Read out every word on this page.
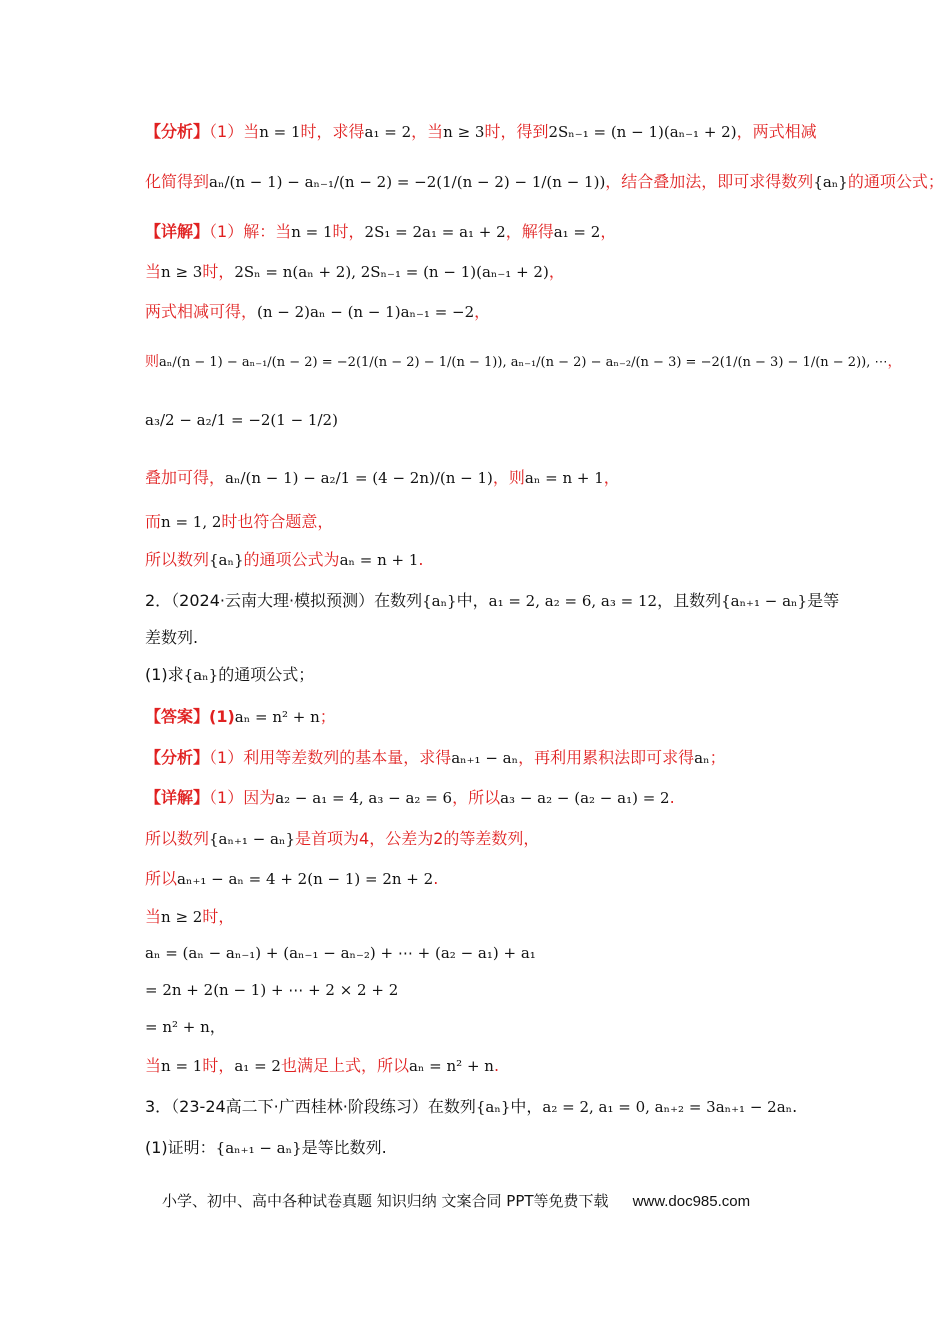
【分析】（1）当n = 1时，求得a₁ = 2，当n ≥ 3时，得到2Sₙ₋₁ = (n − 1)(aₙ₋₁ + 2)，两式相减
化简得到aₙ/(n − 1) − aₙ₋₁/(n − 2) = −2(1/(n − 2) − 1/(n − 1))，结合叠加法，即可求得数列{aₙ}的通项公式；
【详解】（1）解：当n = 1时，2S₁ = 2a₁ = a₁ + 2，解得a₁ = 2，
当n ≥ 3时，2Sₙ = n(aₙ + 2), 2Sₙ₋₁ = (n − 1)(aₙ₋₁ + 2)，
两式相减可得，(n − 2)aₙ − (n − 1)aₙ₋₁ = −2，
则aₙ/(n − 1) − aₙ₋₁/(n − 2) = −2(1/(n − 2) − 1/(n − 1)), aₙ₋₁/(n − 2) − aₙ₋₂/(n − 3) = −2(1/(n − 3) − 1/(n − 2)), ⋯，
a₃/2 − a₂/1 = −2(1 − 1/2)
叠加可得，aₙ/(n − 1) − a₂/1 = (4 − 2n)/(n − 1)，则aₙ = n + 1，
而n = 1, 2时也符合题意，
所以数列{aₙ}的通项公式为aₙ = n + 1.
2．（2024·云南大理·模拟预测）在数列{aₙ}中，a₁ = 2, a₂ = 6, a₃ = 12，且数列{aₙ₊₁ − aₙ}是等
差数列.
(1)求{aₙ}的通项公式；
【答案】(1)aₙ = n² + n；
【分析】（1）利用等差数列的基本量，求得aₙ₊₁ − aₙ，再利用累积法即可求得aₙ；
【详解】（1）因为a₂ − a₁ = 4, a₃ − a₂ = 6，所以a₃ − a₂ − (a₂ − a₁) = 2.
所以数列{aₙ₊₁ − aₙ}是首项为4，公差为2的等差数列，
所以aₙ₊₁ − aₙ = 4 + 2(n − 1) = 2n + 2.
当n ≥ 2时，
aₙ = (aₙ − aₙ₋₁) + (aₙ₋₁ − aₙ₋₂) + ⋯ + (a₂ − a₁) + a₁
= 2n + 2(n − 1) + ⋯ + 2 × 2 + 2
= n² + n，
当n = 1时，a₁ = 2也满足上式，所以aₙ = n² + n.
3．（23-24高二下·广西桂林·阶段练习）在数列{aₙ}中，a₂ = 2, a₁ = 0, aₙ₊₂ = 3aₙ₊₁ − 2aₙ.
(1)证明：{aₙ₊₁ − aₙ}是等比数列.
小学、初中、高中各种试卷真题 知识归纳 文案合同 PPT等免费下载 www.doc985.com
